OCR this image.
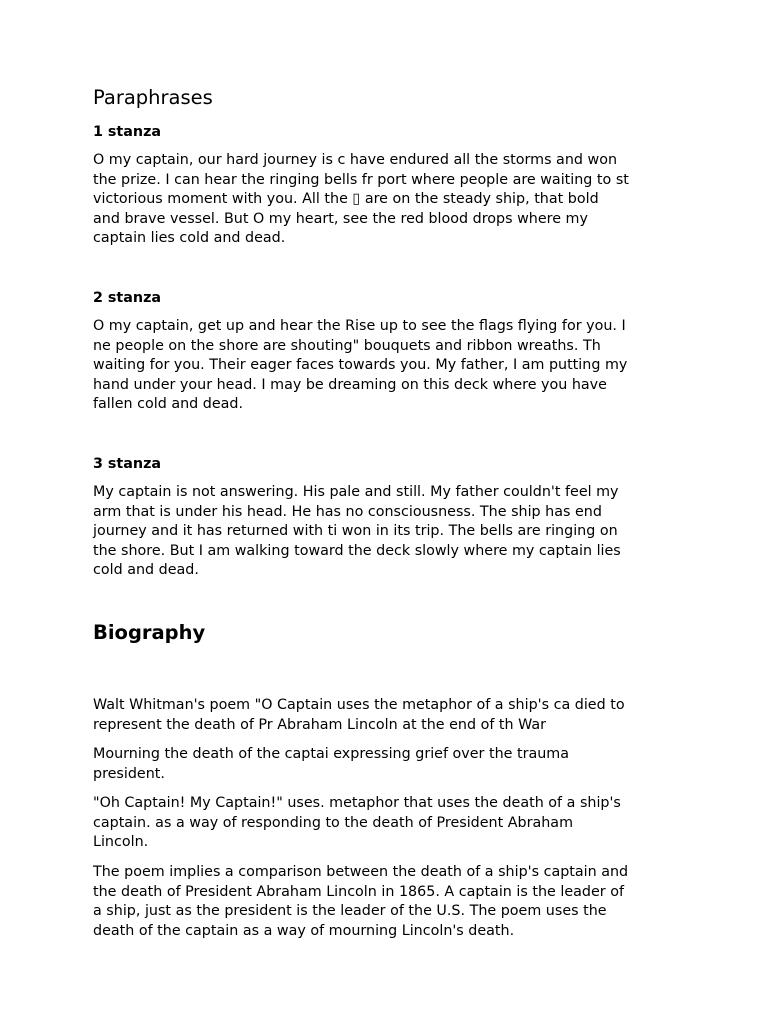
Paraphrases
1 stanza

O my captain, our hard journey is c have endured all the storms and won
the prize. I can hear the ringing bells fr port where people are waiting to st
victorious moment with you. All the ▯ are on the steady ship, that bold
and brave vessel. But O my heart, see the red blood drops where my
captain lies cold and dead.

2 stanza

O my captain, get up and hear the Rise up to see the flags flying for you. I
ne people on the shore are shouting" bouquets and ribbon wreaths. Th
waiting for you. Their eager faces towards you. My father, I am putting my
hand under your head. I may be dreaming on this deck where you have
fallen cold and dead.

3 stanza

My captain is not answering. His pale and still. My father couldn't feel my
arm that is under his head. He has no consciousness. The ship has end
journey and it has returned with ti won in its trip. The bells are ringing on
the shore. But I am walking toward the deck slowly where my captain lies
cold and dead.

Biography

Walt Whitman's poem "O Captain uses the metaphor of a ship's ca died to
represent the death of Pr Abraham Lincoln at the end of th War

Mourning the death of the captai expressing grief over the trauma
president.

"Oh Captain! My Captain!" uses. metaphor that uses the death of a ship's
captain. as a way of responding to the death of President Abraham
Lincoln.

The poem implies a comparison between the death of a ship's captain and
the death of President Abraham Lincoln in 1865. A captain is the leader of
a ship, just as the president is the leader of the U.S. The poem uses the
death of the captain as a way of mourning Lincoln's death.
